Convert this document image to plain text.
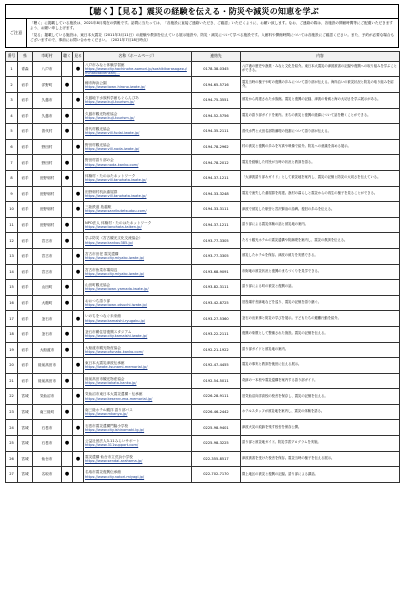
【聴く】【見る】震災の経験を伝える・防災や減災の知恵を学ぶ
ご注意

「聴く」に掲載している施設は、2021年8月現在の情報です。訪問に当たっては、「各施設に直接ご連絡いただき、ご確認」いただくように、お願い致します。なお、ご連絡の際は、各施設の開館時間等にご配慮いただきますよう、お願い申し上げます。

「見る」掲載している施設は、東日本大震災（2011年3月11日）の経験や教訓を伝えている展示施設や、防災・減災について学べる施設です。入館料や開館時間については各施設にご確認ください。また、予約が必要な場合もございますので、事前にお問い合わせください。（2021年7月18日時点）

番号	県	市町村	聴く	見る	名称（ホームページ）	連絡先	内容
1	青森	八戸市		●	八戸市みなと体験学習館
https://www.city.hachinohe.aomori.jp/soshikikarasagasu/minatotaikenkan/...	0178-38-0345	八戸港の歴史や漁業・みなと文化を紹介。東日本大震災の津波被害の記録や復興への取り組みを学ぶことができる。
2	岩手	洋野町	●		種市海浜公園
https://www.town.hirono.iwate.jp/	0194-65-5716	震災当時の様子や町の復興の歩みについて語り部が伝える。海岸沿いの被災状況と防災の取り組みを紹介。
3	岩手	久慈市		●	久慈地下水族科学館もぐらんぴあ
https://www.kuji-tourism.jp/	0194-75-3551	被災から再建された水族館。震災と復興の記録、津波の脅威と海の大切さを学ぶ展示がある。
4	岩手	久慈市	●		久慈市観光物産協会
https://www.kuji-tourism.jp/	0194-52-5756	震災の語り部ガイドを案内。まちの被災と復興の経緯について話を聴くことができる。
5	岩手	普代村	●		普代村観光協会
https://www.vill.fudai.iwate.jp/	0194-35-2111	普代水門と太田名部防潮堤の役割について語り部が伝える。
6	岩手	野田村		●	野田村観光協会
https://www.vill.noda.iwate.jp/	0194-78-2962	村の被災と復興の歩みを写真や映像で紹介。防災への意識を高める展示。
7	岩手	野田村	●		野田村語り部の会
https://www.noda-kanko.com/	0194-78-2012	震災を経験した村民が当時の状況と教訓を語る。
8	岩手	田野畑村	●		体験村・たのはたネットワーク
https://www.vill.tanohata.iwate.jp/	0194-37-1211	「大津波語り部＆ガイド」として被災地を案内し、震災の記憶と防災の大切さを伝えている。
9	岩手	田野畑村		●	田野畑村机浜番屋群
https://www.vill.tanohata.iwate.jp/	0194-33-3248	震災で流失した番屋群を再建。漁村の暮らしと震災からの再生の様子を見ることができる。
10	岩手	田野畑村		●	三陸鉄道 島越駅
https://www.sanrikutetsudou.com/	0194-33-3111	津波で被災した駅舎と宮沢賢治の詩碑。復旧の歩みを伝える。
11	岩手	田野畑村	●		NPO法人 体験村・たのはたネットワーク
https://www.tanohata-taiken.jp/	0194-37-1211	語り部による震災体験の話と被災地の案内。
12	岩手	宮古市	●		学ぶ防災（宮古観光文化交流協会）
https://www.kankou385.jp/	0193-77-3305	たろう観光ホテルの震災遺構や防潮堤を案内し、震災の教訓を伝える。
13	岩手	宮古市		●	宮古市田老 震災遺構
https://www.city.miyako.iwate.jp/	0193-77-3305	被災したホテルを保存。津波の威力を実感できる。
14	岩手	宮古市		●	宮古市魚菜市場周辺
https://www.city.miyako.iwate.jp/	0193-68-9091	市街地の被災状況と復興のまちづくりを見学できる。
15	岩手	山田町	●		山田町観光協会
https://www.town.yamada.iwate.jp/	0193-82-3111	語り部による町の被災と復興の話。
16	岩手	大槌町	●		おおつち語り部
https://www.town.otsuchi.iwate.jp/	0193-42-8725	旧役場庁舎跡地などを巡り、震災の記憶を語り継ぐ。
17	岩手	釜石市		●	いのちをつなぐ未来館
https://www.kamaishi-ryugaku.jp/	0193-27-5360	釜石の出来事と防災の学びを展示。子どもたちの避難行動を紹介。
18	岩手	釜石市	●		釜石市鵜住居復興スタジアム
https://www.city.kamaishi.iwate.jp/	0193-22-2111	復興の象徴として整備された施設。震災の記憶を伝える。
19	岩手	大船渡市	●		大船渡市観光物産協会
https://www.ofunato-kanko.com/	0192-21-1922	語り部ガイドと被災地の案内。
20	岩手	陸前高田市		●	東日本大震災津波伝承館
https://iwate-tsunami-memorial.jp/	0192-47-4455	震災の事実と教訓を後世に伝える展示。
21	岩手	陸前高田市	●		陸前高田市観光物産協会
https://www.takata-kanko.jp/	0192-54-5011	奇跡の一本松や震災遺構を案内する語り部ガイド。
22	宮城	気仙沼市		●	気仙沼市東日本大震災遺構・伝承館
https://www.kesennuma-memorial.jp/	0226-28-9111	旧気仙沼向洋高校の校舎を保存し、震災の記憶を伝える。
23	宮城	南三陸町	●		南三陸ホテル観洋 語り部バス
https://www.mkanyo.jp/	0226-46-2442	ホテルスタッフが被災地を案内し、震災の体験を語る。
24	宮城	石巻市		●	石巻市震災遺構門脇小学校
https://www.city.ishinomaki.lg.jp/	0225-98-9401	津波火災の痕跡を残す校舎を保存公開。
25	宮城	石巻市	●		公益社団法人3.11みらいサポート
https://www.311support.com/	0225-98-3225	語り部と被災地ガイド。防災学習プログラムを実施。
26	宮城	仙台市		●	震災遺構 仙台市立荒浜小学校
https://www.sendai-arahama.jp/	022-355-8517	津波被害を受けた校舎を保存。震災当時の様子を伝える展示。
27	宮城	名取市	●		名取市震災復興伝承館
https://www.city.natori.miyagi.jp/	022-702-7170	閖上地区の被災と復興の記録。語り部による講話。
